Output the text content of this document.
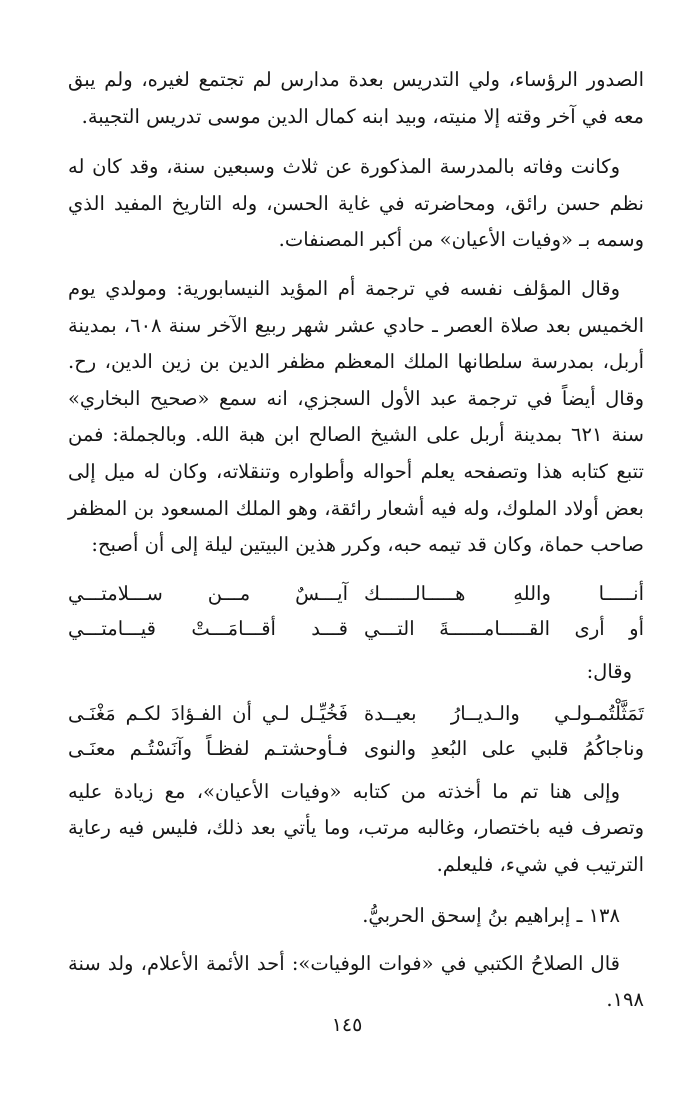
الصدور الرؤساء، ولي التدريس بعدة مدارس لم تجتمع لغيره، ولم يبق معه في آخر وقته إلا منيته، وبيد ابنه كمال الدين موسى تدريس التجيبة.

وكانت وفاته بالمدرسة المذكورة عن ثلاث وسبعين سنة، وقد كان له نظم حسن رائق، ومحاضرته في غاية الحسن، وله التاريخ المفيد الذي وسمه بـ «وفيات الأعيان» من أكبر المصنفات.

وقال المؤلف نفسه في ترجمة أم المؤيد النيسابورية: ومولدي يوم الخميس بعد صلاة العصر ـ حادي عشر شهر ربيع الآخر سنة ٦٠٨، بمدينة أربل، بمدرسة سلطانها الملك المعظم مظفر الدين بن زين الدين، رح. وقال أيضاً في ترجمة عبد الأول السجزي، انه سمع «صحيح البخاري» سنة ٦٢١ بمدينة أربل على الشيخ الصالح ابن هبة الله. وبالجملة: فمن تتبع كتابه هذا وتصفحه يعلم أحواله وأطواره وتنقلاته، وكان له ميل إلى بعض أولاد الملوك، وله فيه أشعار رائقة، وهو الملك المسعود بن المظفر صاحب حماة، وكان قد تيمه حبه، وكرر هذين البيتين ليلة إلى أن أصبح:

أنـــــا واللهِ هـــــالــــــك
آيـــسٌ مـــن ســـلامتـــي
أو أرى القـــــامــــــةَ التـــي
قـــد أقـــامَـــتْ قيـــامتـــي
وقال:
تَمَثَّلْتُمـولـي والـديــارُ بعيــدة
فَخُيِّـل لـي أن الفـؤادَ لكـم مَغْنَـى
وناجاكُمُ قلبي على البُعدِ والنوى
فـأوحشتـم لفظـاً وآنَسْتُـم معنَـى

وإلى هنا تم ما أخذته من كتابه «وفيات الأعيان»، مع زيادة عليه وتصرف فيه باختصار، وغالبه مرتب، وما يأتي بعد ذلك، فليس فيه رعاية الترتيب في شيء، فليعلم.

١٣٨ ـ إبراهيم بنُ إسحق الحربيُّ.

قال الصلاحُ الكتبي في «فوات الوفيات»: أحد الأئمة الأعلام، ولد سنة ١٩٨.

١٤٥
